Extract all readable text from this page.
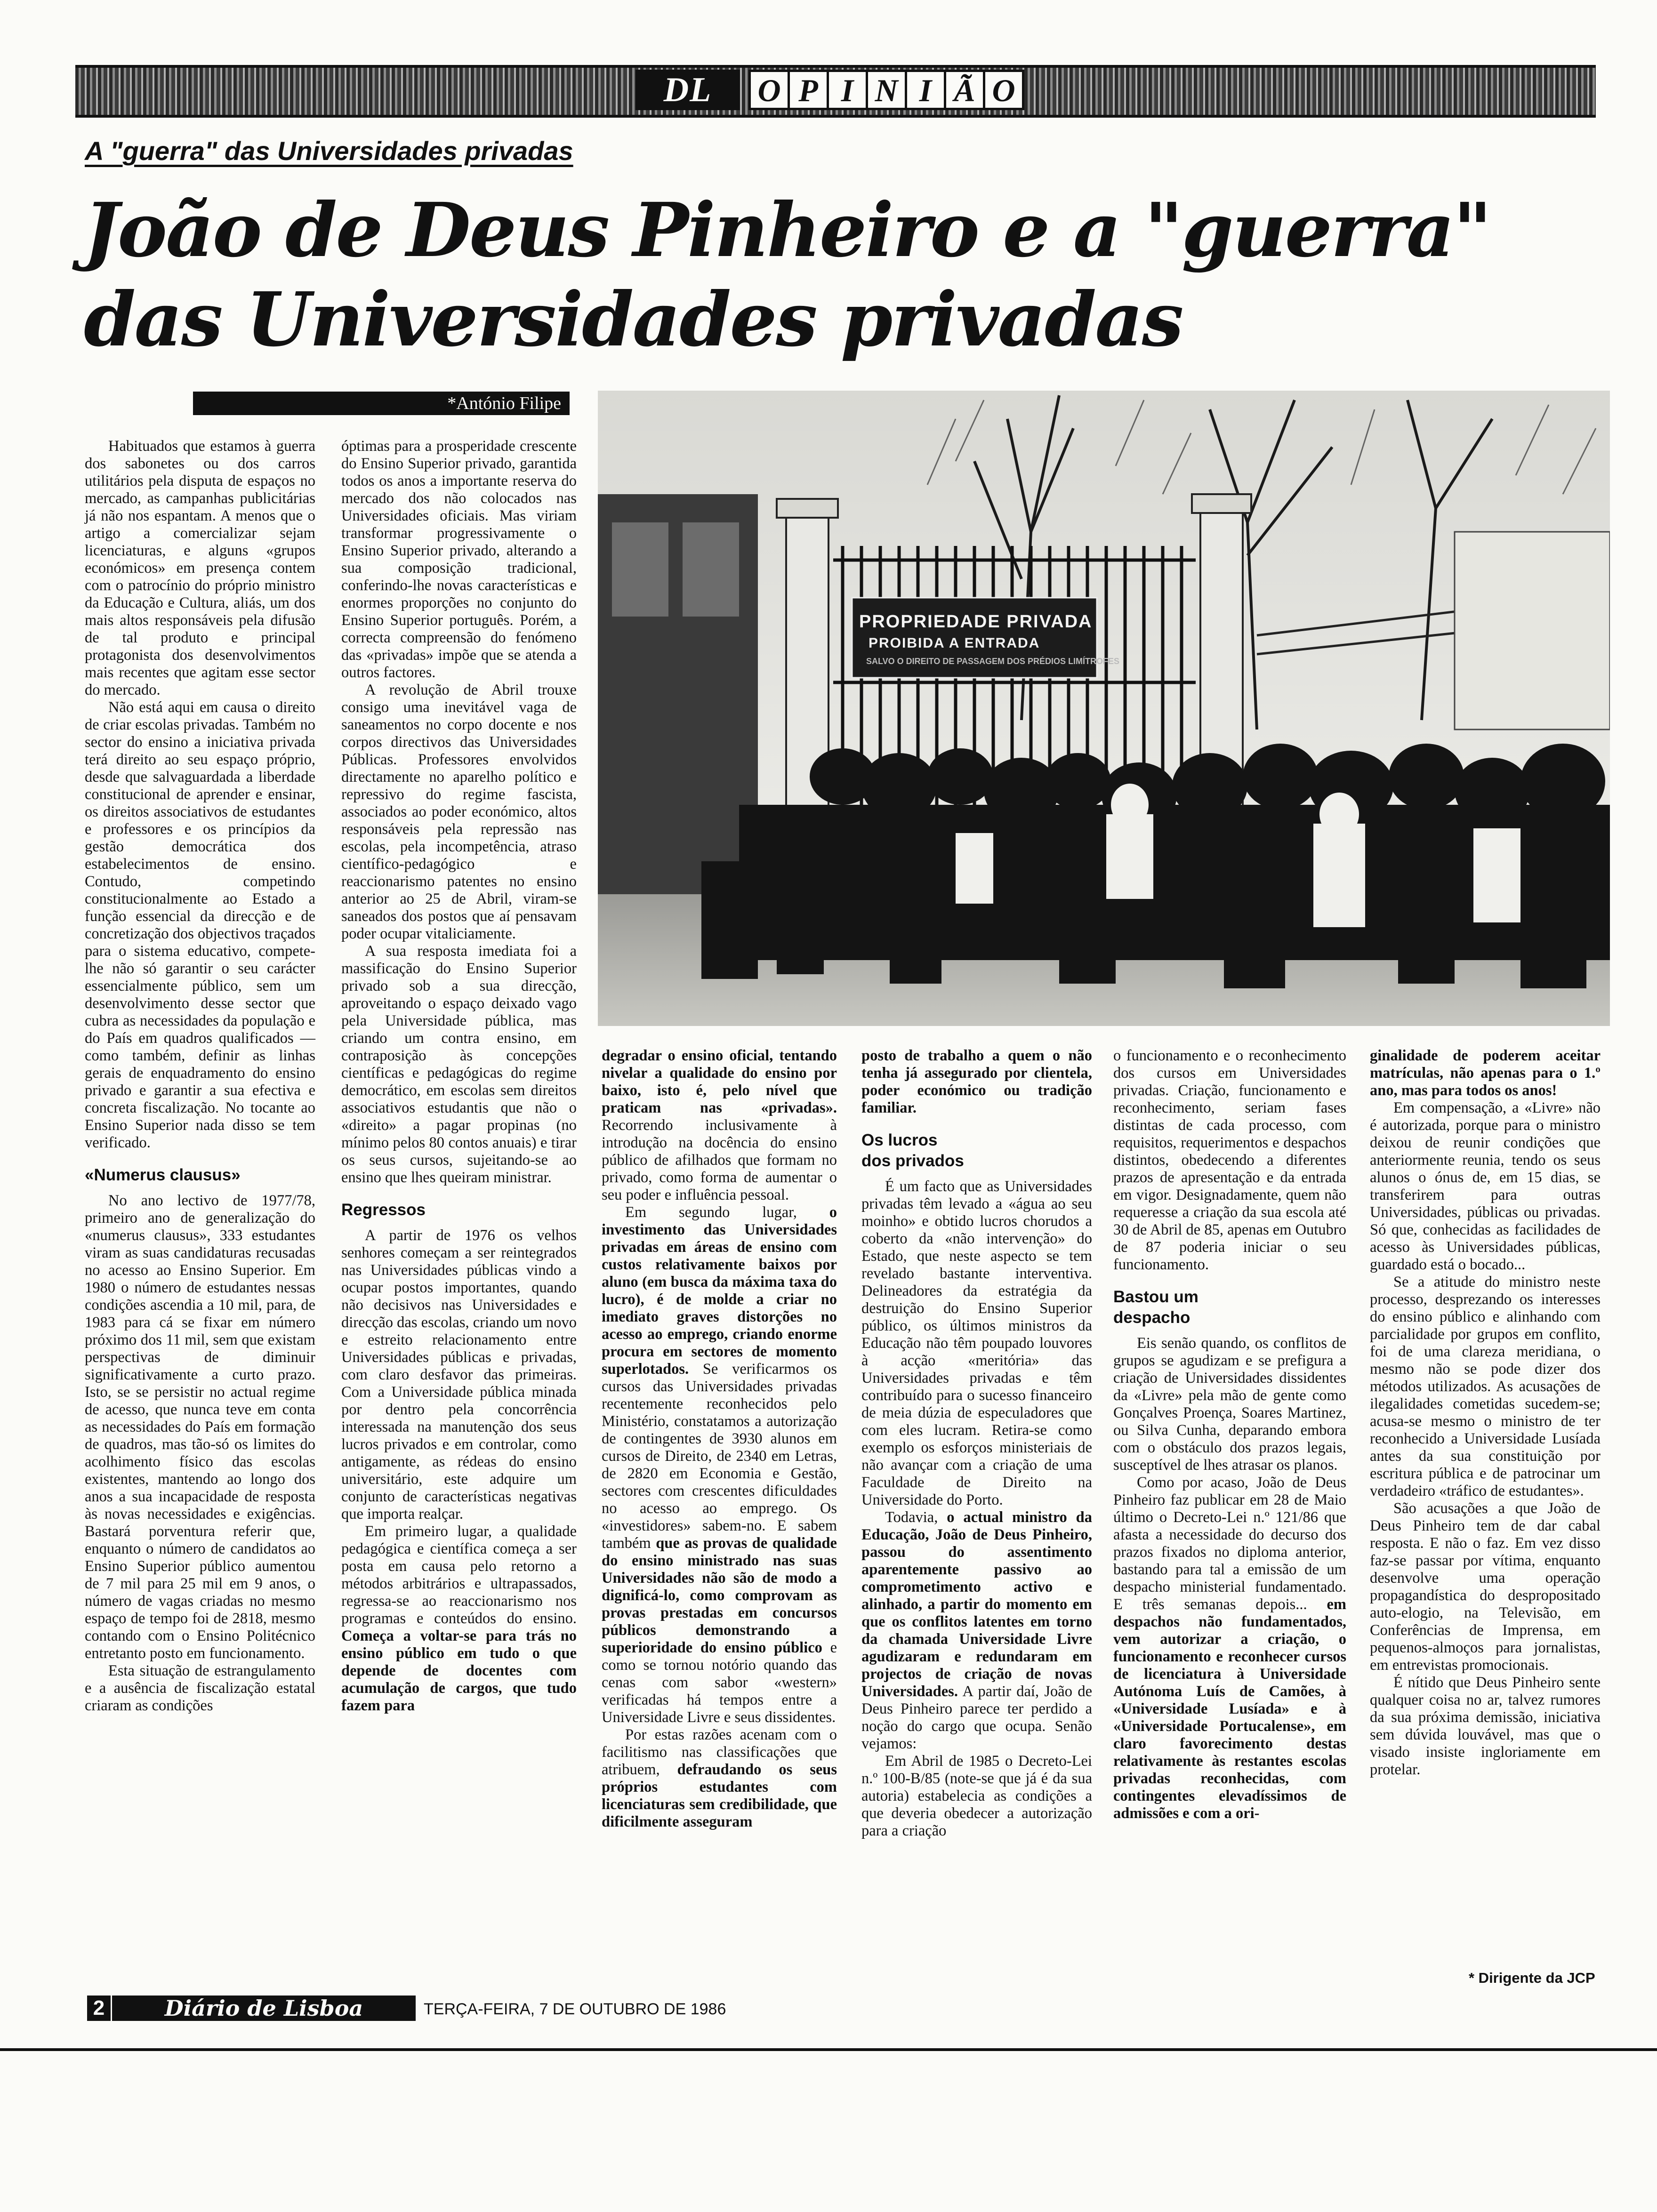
DL	O P I N I Ã O
A "guerra" das Universidades privadas
João de Deus Pinheiro e a "guerra" das Universidades privadas
*António Filipe
PROPRIEDADE PRIVADA
PROIBIDA A ENTRADA
SALVO O DIREITO DE PASSAGEM DOS PRÉDIOS LIMÍTROFES

Habituados que estamos à guerra dos sabonetes ou dos carros utilitários pela disputa de espaços no mercado, as campanhas publicitárias já não nos espantam. A menos que o artigo a comercializar sejam licenciaturas, e alguns «grupos económicos» em presença contem com o patrocínio do próprio ministro da Educação e Cultura, aliás, um dos mais altos responsáveis pela difusão de tal produto e principal protagonista dos desenvolvimentos mais recentes que agitam esse sector do mercado.

Não está aqui em causa o direito de criar escolas privadas. Também no sector do ensino a iniciativa privada terá direito ao seu espaço próprio, desde que salvaguardada a liberdade constitucional de aprender e ensinar, os direitos associativos de estudantes e professores e os princípios da gestão democrática dos estabelecimentos de ensino. Contudo, competindo constitucionalmente ao Estado a função essencial da direcção e de concretização dos objectivos traçados para o sistema educativo, compete-lhe não só garantir o seu carácter essencialmente público, sem um desenvolvimento desse sector que cubra as necessidades da população e do País em quadros qualificados — como também, definir as linhas gerais de enquadramento do ensino privado e garantir a sua efectiva e concreta fiscalização. No tocante ao Ensino Superior nada disso se tem verificado.

«Numerus clausus»

No ano lectivo de 1977/78, primeiro ano de generalização do «numerus clausus», 333 estudantes viram as suas candidaturas recusadas no acesso ao Ensino Superior. Em 1980 o número de estudantes nessas condições ascendia a 10 mil, para, de 1983 para cá se fixar em número próximo dos 11 mil, sem que existam perspectivas de diminuir significativamente a curto prazo. Isto, se se persistir no actual regime de acesso, que nunca teve em conta as necessidades do País em formação de quadros, mas tão-só os limites do acolhimento físico das escolas existentes, mantendo ao longo dos anos a sua incapacidade de resposta às novas necessidades e exigências. Bastará porventura referir que, enquanto o número de candidatos ao Ensino Superior público aumentou de 7 mil para 25 mil em 9 anos, o número de vagas criadas no mesmo espaço de tempo foi de 2818, mesmo contando com o Ensino Politécnico entretanto posto em funcionamento.

Esta situação de estrangulamento e a ausência de fiscalização estatal criaram as condições

óptimas para a prosperidade crescente do Ensino Superior privado, garantida todos os anos a importante reserva do mercado dos não colocados nas Universidades oficiais. Mas viriam transformar progressivamente o Ensino Superior privado, alterando a sua composição tradicional, conferindo-lhe novas características e enormes proporções no conjunto do Ensino Superior português. Porém, a correcta compreensão do fenómeno das «privadas» impõe que se atenda a outros factores.

A revolução de Abril trouxe consigo uma inevitável vaga de saneamentos no corpo docente e nos corpos directivos das Universidades Públicas. Professores envolvidos directamente no aparelho político e repressivo do regime fascista, associados ao poder económico, altos responsáveis pela repressão nas escolas, pela incompetência, atraso científico-pedagógico e reaccionarismo patentes no ensino anterior ao 25 de Abril, viram-se saneados dos postos que aí pensavam poder ocupar vitaliciamente.

A sua resposta imediata foi a massificação do Ensino Superior privado sob a sua direcção, aproveitando o espaço deixado vago pela Universidade pública, mas criando um contra ensino, em contraposição às concepções científicas e pedagógicas do regime democrático, em escolas sem direitos associativos estudantis que não o «direito» a pagar propinas (no mínimo pelos 80 contos anuais) e tirar os seus cursos, sujeitando-se ao ensino que lhes queiram ministrar.

Regressos

A partir de 1976 os velhos senhores começam a ser reintegrados nas Universidades públicas vindo a ocupar postos importantes, quando não decisivos nas Universidades e direcção das escolas, criando um novo e estreito relacionamento entre Universidades públicas e privadas, com claro desfavor das primeiras. Com a Universidade pública minada por dentro pela concorrência interessada na manutenção dos seus lucros privados e em controlar, como antigamente, as rédeas do ensino universitário, este adquire um conjunto de características negativas que importa realçar.

Em primeiro lugar, a qualidade pedagógica e científica começa a ser posta em causa pelo retorno a métodos arbitrários e ultrapassados, regressa-se ao reaccionarismo nos programas e conteúdos do ensino. Começa a voltar-se para trás no ensino público em tudo o que depende de docentes com acumulação de cargos, que tudo fazem para

degradar o ensino oficial, tentando nivelar a qualidade do ensino por baixo, isto é, pelo nível que praticam nas «privadas». Recorrendo inclusivamente à introdução na docência do ensino público de afilhados que formam no privado, como forma de aumentar o seu poder e influência pessoal.

Em segundo lugar, o investimento das Universidades privadas em áreas de ensino com custos relativamente baixos por aluno (em busca da máxima taxa do lucro), é de molde a criar no imediato graves distorções no acesso ao emprego, criando enorme procura em sectores de momento superlotados. Se verificarmos os cursos das Universidades privadas recentemente reconhecidos pelo Ministério, constatamos a autorização de contingentes de 3930 alunos em cursos de Direito, de 2340 em Letras, de 2820 em Economia e Gestão, sectores com crescentes dificuldades no acesso ao emprego. Os «investidores» sabem-no. E sabem também que as provas de qualidade do ensino ministrado nas suas Universidades não são de modo a dignificá-lo, como comprovam as provas prestadas em concursos públicos demonstrando a superioridade do ensino público e como se tornou notório quando das cenas com sabor «western» verificadas há tempos entre a Universidade Livre e seus dissidentes.

Por estas razões acenam com o facilitismo nas classificações que atribuem, defraudando os seus próprios estudantes com licenciaturas sem credibilidade, que dificilmente asseguram

posto de trabalho a quem o não tenha já assegurado por clientela, poder económico ou tradição familiar.

Os lucros dos privados

É um facto que as Universidades privadas têm levado a «água ao seu moinho» e obtido lucros chorudos a coberto da «não intervenção» do Estado, que neste aspecto se tem revelado bastante interventiva. Delineadores da estratégia da destruição do Ensino Superior público, os últimos ministros da Educação não têm poupado louvores à acção «meritória» das Universidades privadas e têm contribuído para o sucesso financeiro de meia dúzia de especuladores que com eles lucram. Retira-se como exemplo os esforços ministeriais de não avançar com a criação de uma Faculdade de Direito na Universidade do Porto.

Todavia, o actual ministro da Educação, João de Deus Pinheiro, passou do assentimento aparentemente passivo ao comprometimento activo e alinhado, a partir do momento em que os conflitos latentes em torno da chamada Universidade Livre agudizaram e redundaram em projectos de criação de novas Universidades. A partir daí, João de Deus Pinheiro parece ter perdido a noção do cargo que ocupa. Senão vejamos:

Em Abril de 1985 o Decreto-Lei n.º 100-B/85 (note-se que já é da sua autoria) estabelecia as condições a que deveria obedecer a autorização para a criação

o funcionamento e o reconhecimento dos cursos em Universidades privadas. Criação, funcionamento e reconhecimento, seriam fases distintas de cada processo, com requisitos, requerimentos e despachos distintos, obedecendo a diferentes prazos de apresentação e da entrada em vigor. Designadamente, quem não requeresse a criação da sua escola até 30 de Abril de 85, apenas em Outubro de 87 poderia iniciar o seu funcionamento.

Bastou um despacho

Eis senão quando, os conflitos de grupos se agudizam e se prefigura a criação de Universidades dissidentes da «Livre» pela mão de gente como Gonçalves Proença, Soares Martinez, ou Silva Cunha, deparando embora com o obstáculo dos prazos legais, susceptível de lhes atrasar os planos.

Como por acaso, João de Deus Pinheiro faz publicar em 28 de Maio último o Decreto-Lei n.º 121/86 que afasta a necessidade do decurso dos prazos fixados no diploma anterior, bastando para tal a emissão de um despacho ministerial fundamentado. E três semanas depois... em despachos não fundamentados, vem autorizar a criação, o funcionamento e reconhecer cursos de licenciatura à Universidade Autónoma Luís de Camões, à «Universidade Lusíada» e à «Universidade Portucalense», em claro favorecimento destas relativamente às restantes escolas privadas reconhecidas, com contingentes elevadíssimos de admissões e com a ori-

ginalidade de poderem aceitar matrículas, não apenas para o 1.º ano, mas para todos os anos!

Em compensação, a «Livre» não é autorizada, porque para o ministro deixou de reunir condições que anteriormente reunia, tendo os seus alunos o ónus de, em 15 dias, se transferirem para outras Universidades, públicas ou privadas. Só que, conhecidas as facilidades de acesso às Universidades públicas, guardado está o bocado...

Se a atitude do ministro neste processo, desprezando os interesses do ensino público e alinhando com parcialidade por grupos em conflito, foi de uma clareza meridiana, o mesmo não se pode dizer dos métodos utilizados. As acusações de ilegalidades cometidas sucedem-se; acusa-se mesmo o ministro de ter reconhecido a Universidade Lusíada antes da sua constituição por escritura pública e de patrocinar um verdadeiro «tráfico de estudantes».

São acusações a que João de Deus Pinheiro tem de dar cabal resposta. E não o faz. Em vez disso faz-se passar por vítima, enquanto desenvolve uma operação propagandística do despropositado auto-elogio, na Televisão, em Conferências de Imprensa, em pequenos-almoços para jornalistas, em entrevistas promocionais.

É nítido que Deus Pinheiro sente qualquer coisa no ar, talvez rumores da sua próxima demissão, iniciativa sem dúvida louvável, mas que o visado insiste ingloriamente em protelar.

* Dirigente da JCP
2	Diário de Lisboa	TERÇA-FEIRA, 7 DE OUTUBRO DE 1986
